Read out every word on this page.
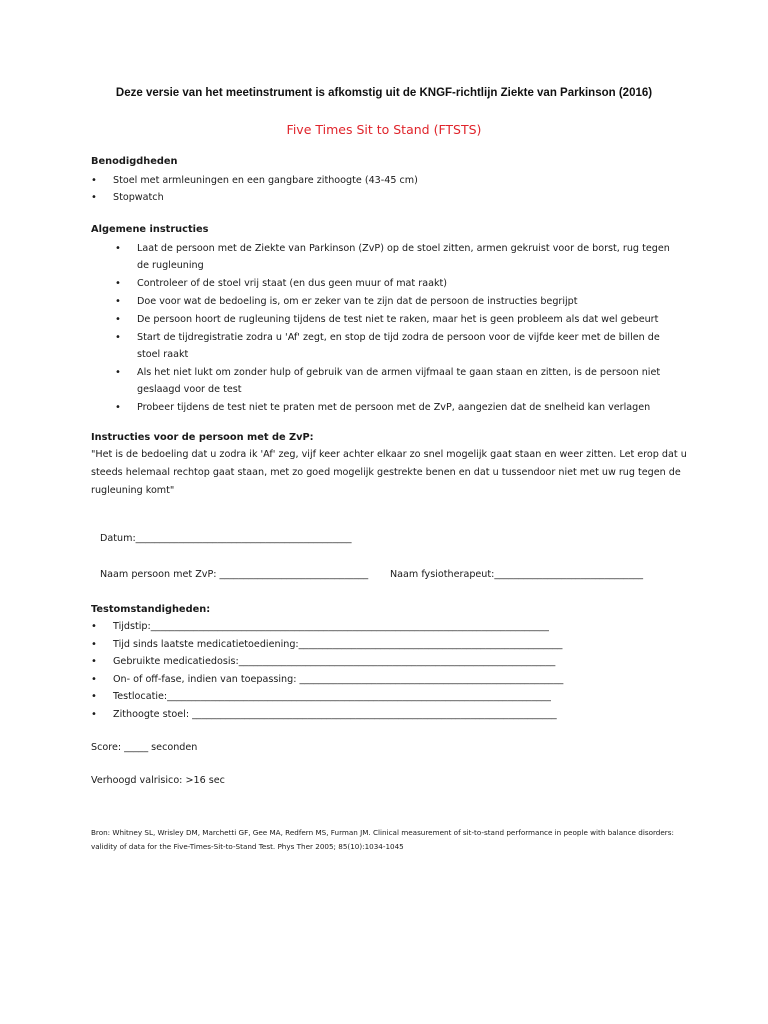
Deze versie van het meetinstrument is afkomstig uit de KNGF-richtlijn Ziekte van Parkinson (2016)
Five Times Sit to Stand (FTSTS)
Benodigdheden
• Stoel met armleuningen en een gangbare zithoogte (43-45 cm)
• Stopwatch
Algemene instructies
• Laat de persoon met de Ziekte van Parkinson (ZvP) op de stoel zitten, armen gekruist voor de borst, rug tegen de rugleuning
• Controleer of de stoel vrij staat (en dus geen muur of mat raakt)
• Doe voor wat de bedoeling is, om er zeker van te zijn dat de persoon de instructies begrijpt
• De persoon hoort de rugleuning tijdens de test niet te raken, maar het is geen probleem als dat wel gebeurt
• Start de tijdregistratie zodra u 'Af' zegt, en stop de tijd zodra de persoon voor de vijfde keer met de billen de stoel raakt
• Als het niet lukt om zonder hulp of gebruik van de armen vijfmaal te gaan staan en zitten, is de persoon niet geslaagd voor de test
• Probeer tijdens de test niet te praten met de persoon met de ZvP, aangezien dat de snelheid kan verlagen
Instructies voor de persoon met de ZvP:
"Het is de bedoeling dat u zodra ik 'Af' zeg, vijf keer achter elkaar zo snel mogelijk gaat staan en weer zitten. Let erop dat u steeds helemaal rechtop gaat staan, met zo goed mogelijk gestrekte benen en dat u tussendoor niet met uw rug tegen de rugleuning komt"
Datum:_____________________________________________
Naam persoon met ZvP: _______________________________ Naam fysiotherapeut:_______________________________
Testomstandigheden:
• Tijdstip:___________________________________________________________________________________
• Tijd sinds laatste medicatietoediening:_______________________________________________________
• Gebruikte medicatiedosis:__________________________________________________________________
• On- of off-fase, indien van toepassing: _______________________________________________________
• Testlocatie:________________________________________________________________________________
• Zithoogte stoel: ____________________________________________________________________________
Score: _____ seconden
Verhoogd valrisico: >16 sec
Bron: Whitney SL, Wrisley DM, Marchetti GF, Gee MA, Redfern MS, Furman JM. Clinical measurement of sit-to-stand performance in people with balance disorders: validity of data for the Five-Times-Sit-to-Stand Test. Phys Ther 2005; 85(10):1034-1045
